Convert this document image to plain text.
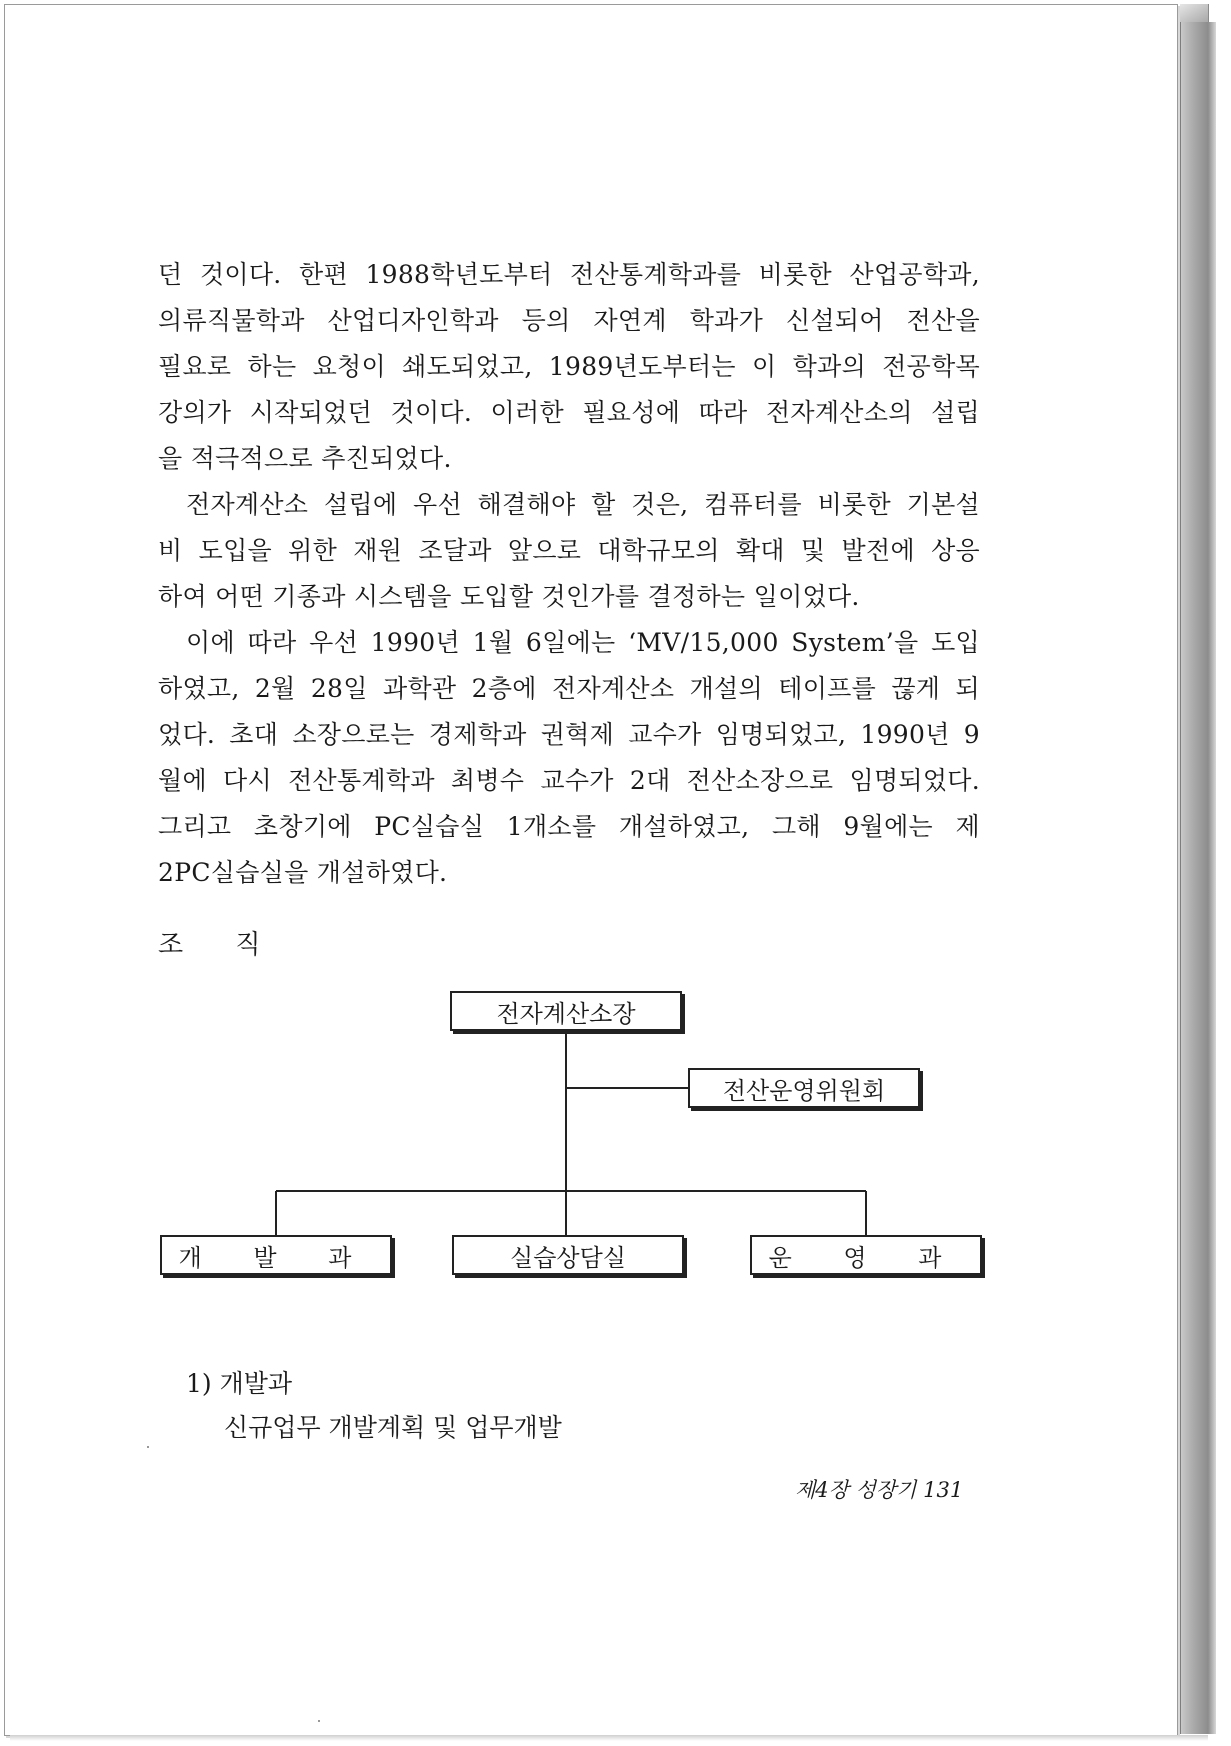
던 것이다. 한편 1988학년도부터 전산통계학과를 비롯한 산업공학과,
의류직물학과 산업디자인학과 등의 자연계 학과가 신설되어 전산을
필요로 하는 요청이 쇄도되었고, 1989년도부터는 이 학과의 전공학목
강의가 시작되었던 것이다. 이러한 필요성에 따라 전자계산소의 설립
을 적극적으로 추진되었다.

전자계산소 설립에 우선 해결해야 할 것은, 컴퓨터를 비롯한 기본설
비 도입을 위한 재원 조달과 앞으로 대학규모의 확대 및 발전에 상응
하여 어떤 기종과 시스템을 도입할 것인가를 결정하는 일이었다.

이에 따라 우선 1990년 1월 6일에는 ‘MV/15,000 System’을 도입
하였고, 2월 28일 과학관 2층에 전자계산소 개설의 테이프를 끊게 되
었다. 초대 소장으로는 경제학과 권혁제 교수가 임명되었고, 1990년 9
월에 다시 전산통계학과 최병수 교수가 2대 전산소장으로 임명되었다.
그리고 초창기에 PC실습실 1개소를 개설하였고, 그해 9월에는 제
2PC실습실을 개설하였다.

조 직
전자계산소장
전산운영위원회
개 발 과	실습상담실	운 영 과
1) 개발과
신규업무 개발계획 및 업무개발
제4장 성장기 131
